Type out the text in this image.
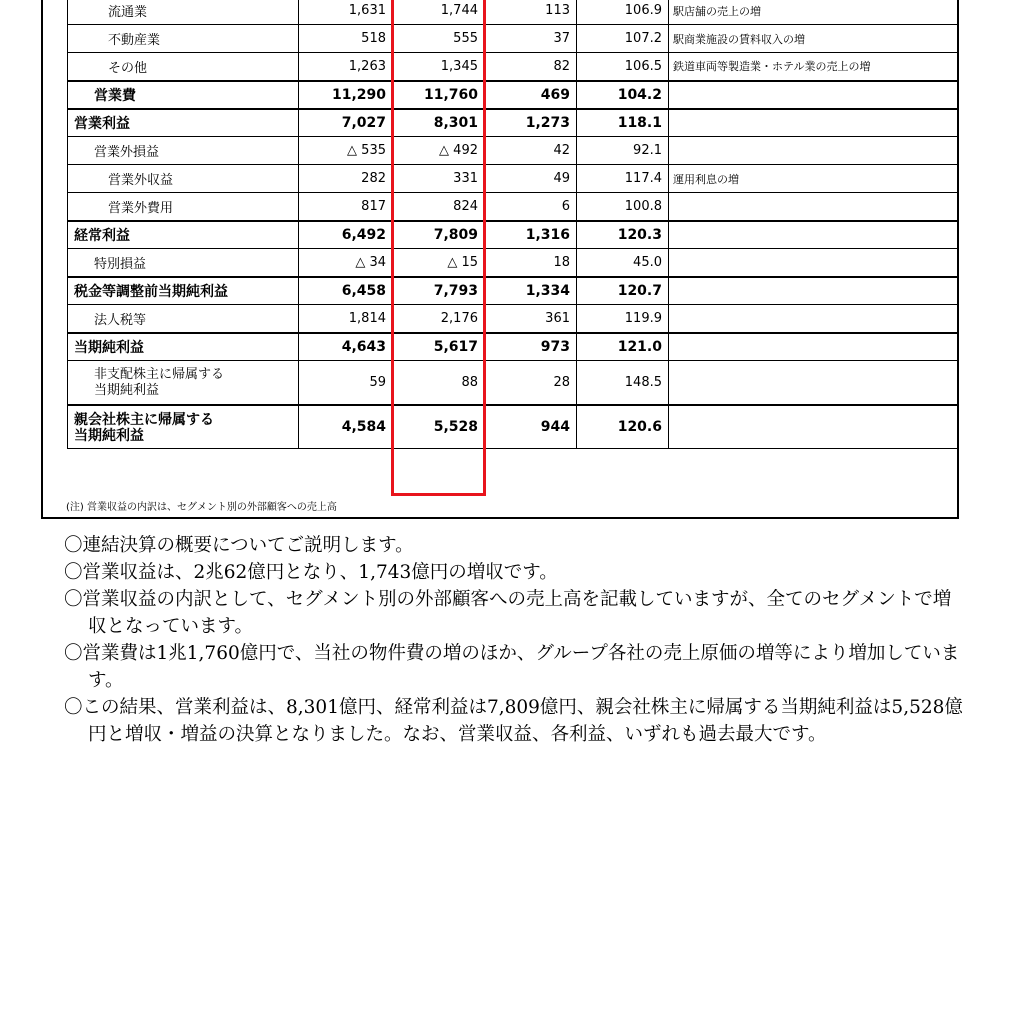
流通業	1,631	1,744	113	106.9	駅店舗の売上の増
不動産業	518	555	37	107.2	駅商業施設の賃料収入の増
その他	1,263	1,345	82	106.5	鉄道車両等製造業・ホテル業の売上の増
営業費	11,290	11,760	469	104.2	
営業利益	7,027	8,301	1,273	118.1	
営業外損益	△ 535	△ 492	42	92.1	
営業外収益	282	331	49	117.4	運用利息の増
営業外費用	817	824	6	100.8	
経常利益	6,492	7,809	1,316	120.3	
特別損益	△ 34	△ 15	18	45.0	
税金等調整前当期純利益	6,458	7,793	1,334	120.7	
法人税等	1,814	2,176	361	119.9	
当期純利益	4,643	5,617	973	121.0	
非支配株主に帰属する
当期純利益	59	88	28	148.5	
親会社株主に帰属する
当期純利益	4,584	5,528	944	120.6	
(注) 営業収益の内訳は、セグメント別の外部顧客への売上高

〇連結決算の概要についてご説明します。

〇営業収益は、2兆62億円となり、1,743億円の増収です。

〇営業収益の内訳として、セグメント別の外部顧客への売上高を記載していますが、全てのセグメントで増収となっています。

〇営業費は1兆1,760億円で、当社の物件費の増のほか、グループ各社の売上原価の増等により増加しています。

〇この結果、営業利益は、8,301億円、経常利益は7,809億円、親会社株主に帰属する当期純利益は5,528億円と増収・増益の決算となりました。なお、営業収益、各利益、いずれも過去最大です。
